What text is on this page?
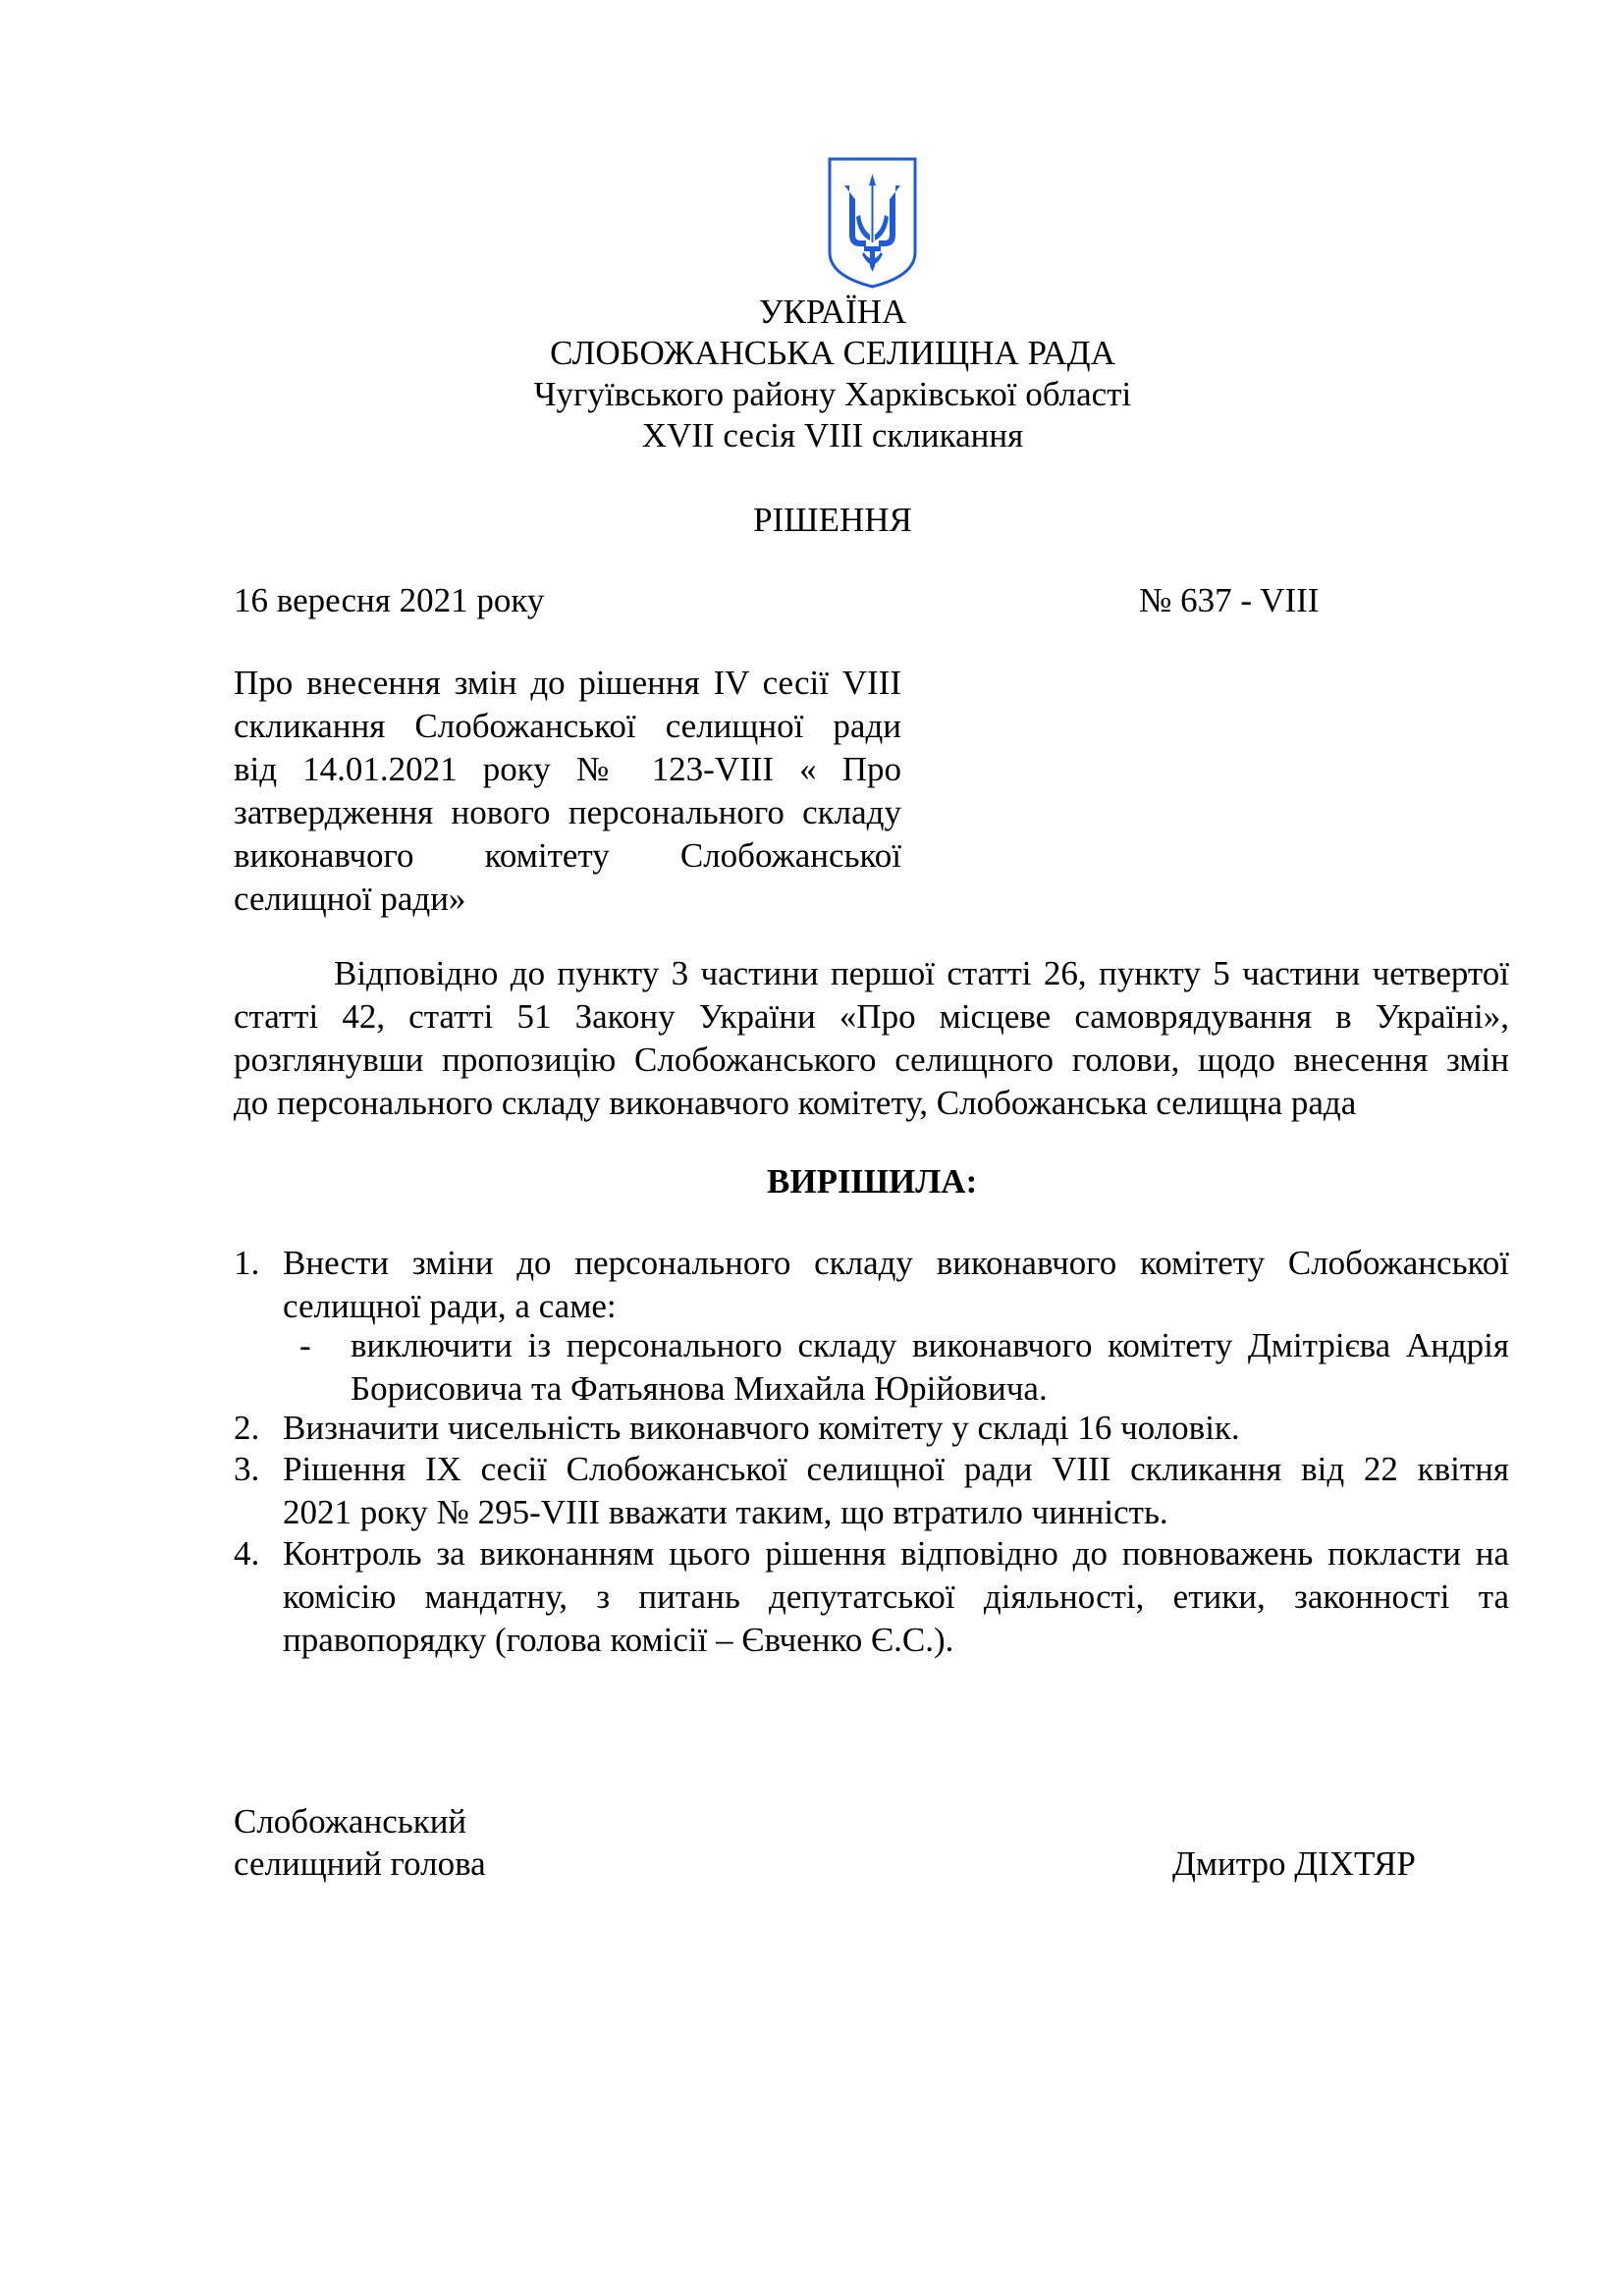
УКРАЇНА
СЛОБОЖАНСЬКА СЕЛИЩНА РАДА
Чугуївського району Харківської області
XVII сесія VIII скликання
РІШЕННЯ
16 вересня 2021 року	№ 637 - VIII
Про внесення змін до рішення IV сесії VIII
скликання Слобожанської селищної ради
від 14.01.2021 року № 123-VIII « Про
затвердження нового персонального складу
виконавчого комітету Слобожанської
селищної ради»
Відповідно до пункту 3 частини першої статті 26, пункту 5 частини четвертої
статті 42, статті 51 Закону України «Про місцеве самоврядування в Україні»,
розглянувши пропозицію Слобожанського селищного голови, щодо внесення змін
до персонального складу виконавчого комітету, Слобожанська селищна рада
ВИРІШИЛА:
1. Внести зміни до персонального складу виконавчого комітету Слобожанської
селищної ради, а саме:
- виключити із персонального складу виконавчого комітету Дмітрієва Андрія
Борисовича та Фатьянова Михайла Юрійовича.
2. Визначити чисельність виконавчого комітету у складі 16 чоловік.
3. Рішення IX сесії Слобожанської селищної ради VIII скликання від 22 квітня
2021 року № 295-VIII вважати таким, що втратило чинність.
4. Контроль за виконанням цього рішення відповідно до повноважень покласти на
комісію мандатну, з питань депутатської діяльності, етики, законності та
правопорядку (голова комісії – Євченко Є.С.).
Слобожанський
селищний голова	Дмитро ДІХТЯР
